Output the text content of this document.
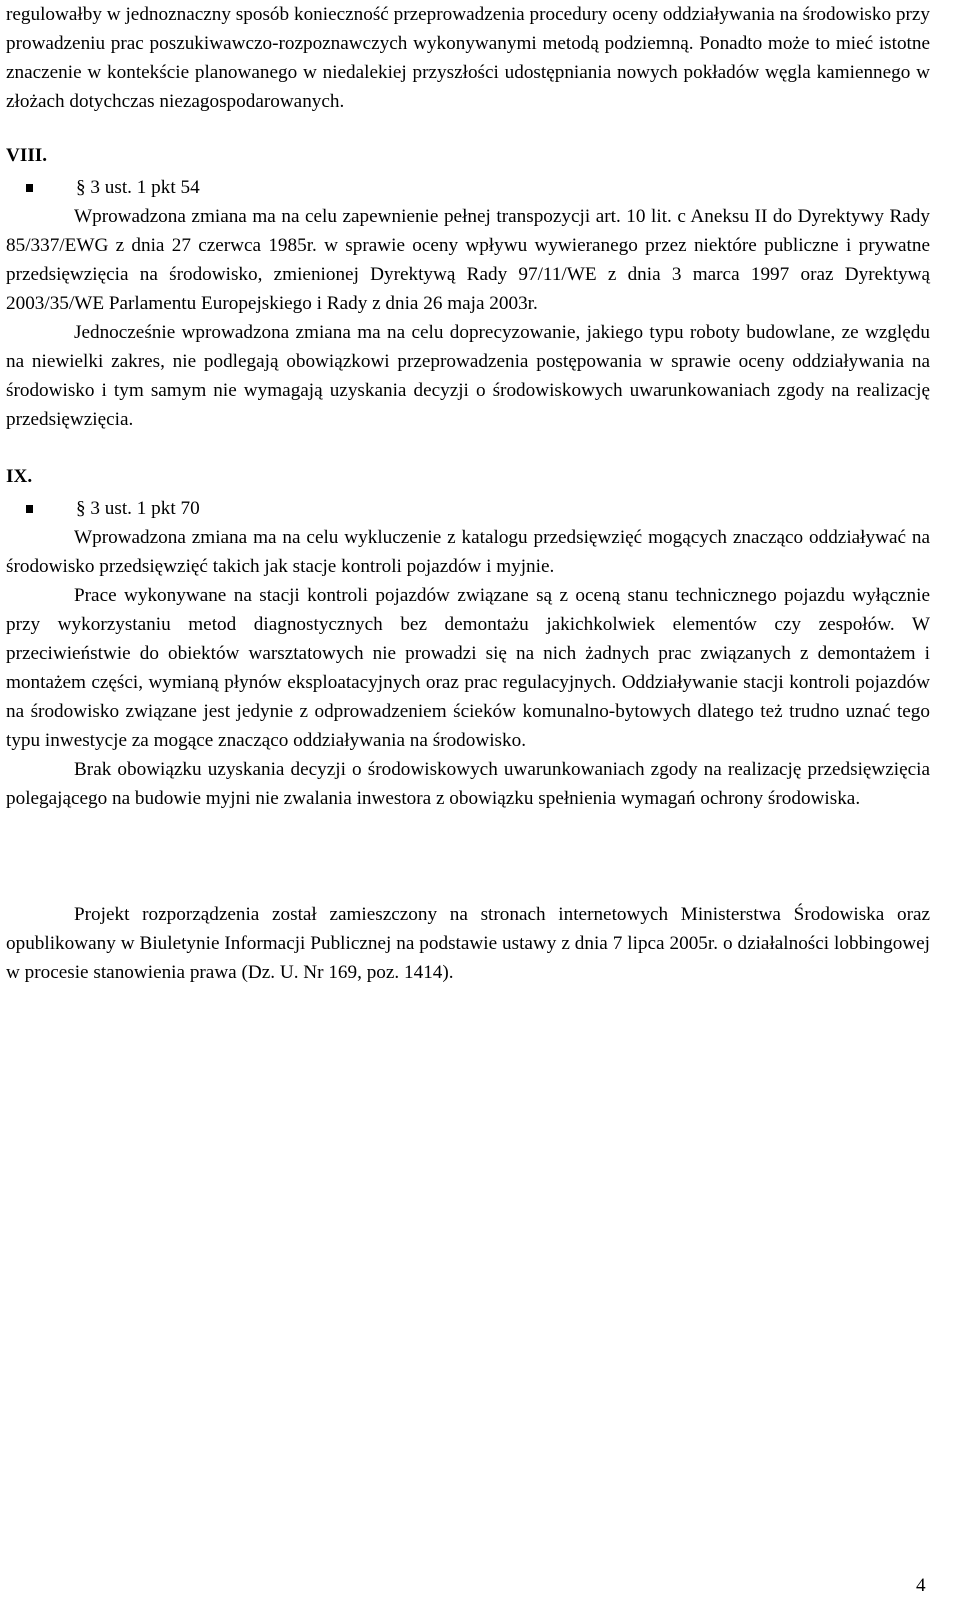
regulowałby w jednoznaczny sposób konieczność przeprowadzenia procedury oceny oddziaływania na środowisko przy prowadzeniu prac poszukiwawczo-rozpoznawczych wykonywanymi metodą podziemną. Ponadto może to mieć istotne znaczenie w kontekście planowanego w niedalekiej przyszłości udostępniania nowych pokładów węgla kamiennego w złożach dotychczas niezagospodarowanych.

VIII.

§ 3 ust. 1 pkt 54

Wprowadzona zmiana ma na celu zapewnienie pełnej transpozycji art. 10 lit. c Aneksu II do Dyrektywy Rady 85/337/EWG z dnia 27 czerwca 1985r. w sprawie oceny wpływu wywieranego przez niektóre publiczne i prywatne przedsięwzięcia na środowisko, zmienionej Dyrektywą Rady 97/11/WE z dnia 3 marca 1997 oraz Dyrektywą 2003/35/WE Parlamentu Europejskiego i Rady z dnia 26 maja 2003r.

Jednocześnie wprowadzona zmiana ma na celu doprecyzowanie, jakiego typu roboty budowlane, ze względu na niewielki zakres, nie podlegają obowiązkowi przeprowadzenia postępowania w sprawie oceny oddziaływania na środowisko i tym samym nie wymagają uzyskania decyzji o środowiskowych uwarunkowaniach zgody na realizację przedsięwzięcia.

IX.

§ 3 ust. 1 pkt 70

Wprowadzona zmiana ma na celu wykluczenie z katalogu przedsięwzięć mogących znacząco oddziaływać na środowisko przedsięwzięć takich jak stacje kontroli pojazdów i myjnie.

Prace wykonywane na stacji kontroli pojazdów związane są z oceną stanu technicznego pojazdu wyłącznie przy wykorzystaniu metod diagnostycznych bez demontażu jakichkolwiek elementów czy zespołów. W przeciwieństwie do obiektów warsztatowych nie prowadzi się na nich żadnych prac związanych z demontażem i montażem części, wymianą płynów eksploatacyjnych oraz prac regulacyjnych. Oddziaływanie stacji kontroli pojazdów na środowisko związane jest jedynie z odprowadzeniem ścieków komunalno-bytowych dlatego też trudno uznać tego typu inwestycje za mogące znacząco oddziaływania na środowisko.

Brak obowiązku uzyskania decyzji o środowiskowych uwarunkowaniach zgody na realizację przedsięwzięcia polegającego na budowie myjni nie zwalania inwestora z obowiązku spełnienia wymagań ochrony środowiska.

Projekt rozporządzenia został zamieszczony na stronach internetowych Ministerstwa Środowiska oraz opublikowany w Biuletynie Informacji Publicznej na podstawie ustawy z dnia 7 lipca 2005r. o działalności lobbingowej w procesie stanowienia prawa (Dz. U. Nr 169, poz. 1414).

4
